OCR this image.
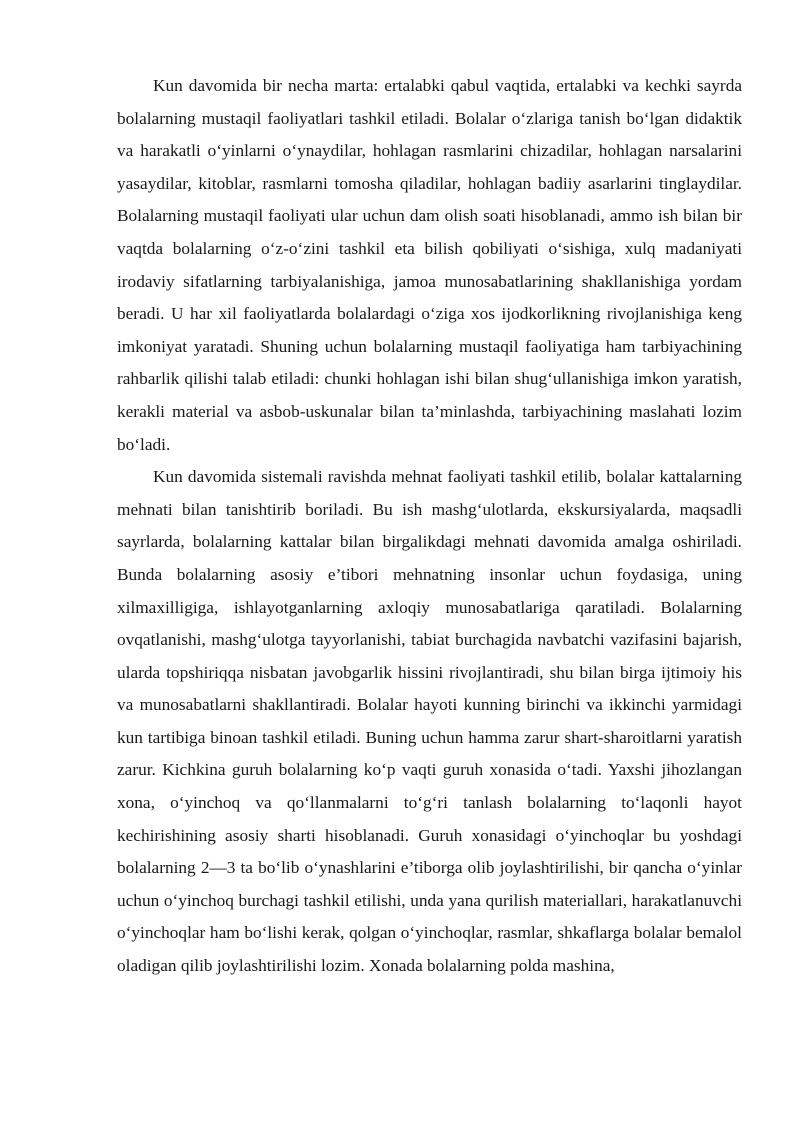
Kun davomida bir necha marta: ertalabki qabul vaqtida, ertalabki va kechki sayrda bolalarning mustaqil faoliyatlari tashkil etiladi. Bolalar o‘zlariga tanish bo‘lgan didaktik va harakatli o‘yinlarni o‘ynaydilar, hohlagan rasmlarini chizadilar, hohlagan narsalarini yasaydilar, kitoblar, rasmlarni tomosha qiladilar, hohlagan badiiy asarlarini tinglaydilar. Bolalarning mustaqil faoliyati ular uchun dam olish soati hisoblanadi, ammo ish bilan bir vaqtda bolalarning o‘z-o‘zini tashkil eta bilish qobiliyati o‘sishiga, xulq madaniyati irodaviy sifatlarning tarbiyalanishiga, jamoa munosabatlarining shakllanishiga yordam beradi. U har xil faoliyatlarda bolalardagi o‘ziga xos ijodkorlikning rivojlanishiga keng imkoniyat yaratadi. Shuning uchun bolalarning mustaqil faoliyatiga ham tarbiyachining rahbarlik qilishi talab etiladi: chunki hohlagan ishi bilan shug‘ullanishiga imkon yaratish, kerakli material va asbob-uskunalar bilan ta’minlashda, tarbiyachining maslahati lozim bo‘ladi.

Kun davomida sistemali ravishda mehnat faoliyati tashkil etilib, bolalar kattalarning mehnati bilan tanishtirib boriladi. Bu ish mashg‘ulotlarda, ekskursiyalarda, maqsadli sayrlarda, bolalarning kattalar bilan birgalikdagi mehnati davomida amalga oshiriladi. Bunda bolalarning asosiy e’tibori mehnatning insonlar uchun foydasiga, uning xilmaxilligiga, ishlayotganlarning axloqiy munosabatlariga qaratiladi. Bolalarning ovqatlanishi, mashg‘ulotga tayyorlanishi, tabiat burchagida navbatchi vazifasini bajarish, ularda topshiriqqa nisbatan javobgarlik hissini rivojlantiradi, shu bilan birga ijtimoiy his va munosabatlarni shakllantiradi. Bolalar hayoti kunning birinchi va ikkinchi yarmidagi kun tartibiga binoan tashkil etiladi. Buning uchun hamma zarur shart-sharoitlarni yaratish zarur. Kichkina guruh bolalarning ko‘p vaqti guruh xonasida o‘tadi. Yaxshi jihozlangan xona, o‘yinchoq va qo‘llanmalarni to‘g‘ri tanlash bolalarning to‘laqonli hayot kechirishining asosiy sharti hisoblanadi. Guruh xonasidagi o‘yinchoqlar bu yoshdagi bolalarning 2—3 ta bo‘lib o‘ynashlarini e’tiborga olib joylashtirilishi, bir qancha o‘yinlar uchun o‘yinchoq burchagi tashkil etilishi, unda yana qurilish materiallari, harakatlanuvchi o‘yinchoqlar ham bo‘lishi kerak, qolgan o‘yinchoqlar, rasmlar, shkaflarga bolalar bemalol oladigan qilib joylashtirilishi lozim. Xonada bolalarning polda mashina,
